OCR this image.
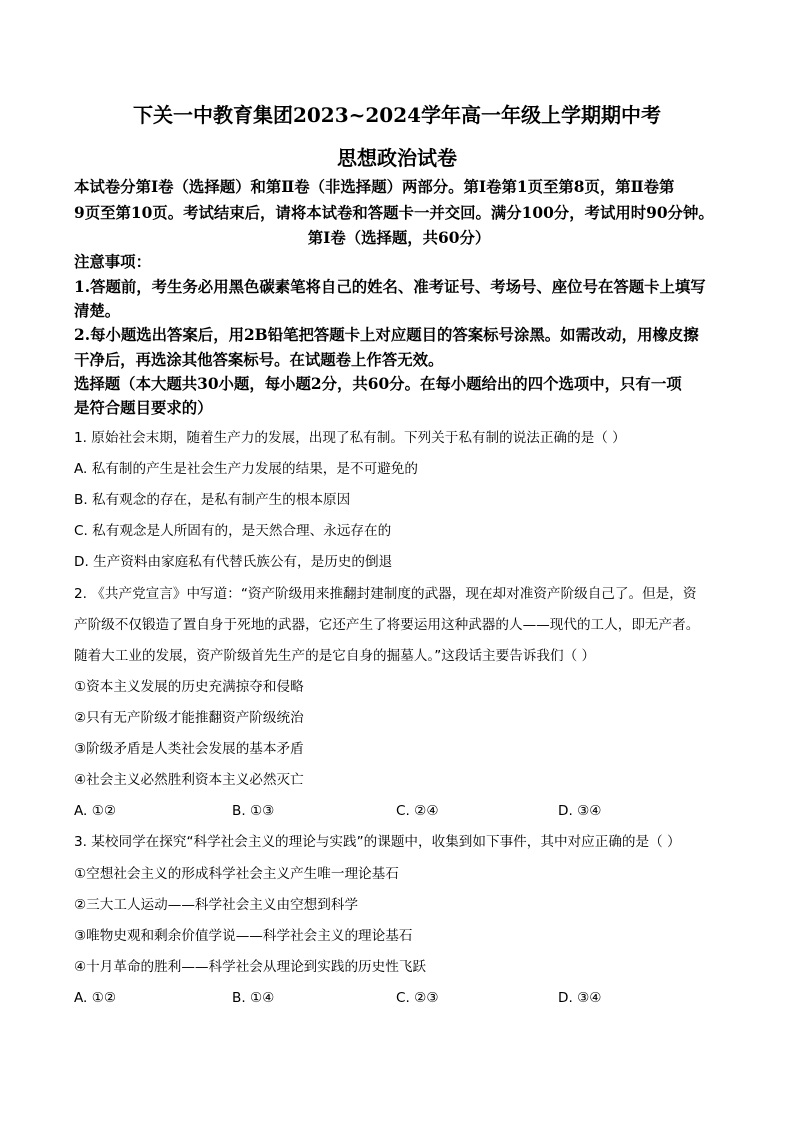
下关一中教育集团2023~2024学年高一年级上学期期中考
思想政治试卷
本试卷分第Ⅰ卷（选择题）和第Ⅱ卷（非选择题）两部分。第Ⅰ卷第1页至第8页，第Ⅱ卷第
9页至第10页。考试结束后，请将本试卷和答题卡一并交回。满分100分，考试用时90分钟。
第Ⅰ卷（选择题，共60分）
注意事项：
1.答题前，考生务必用黑色碳素笔将自己的姓名、准考证号、考场号、座位号在答题卡上填写
清楚。
2.每小题选出答案后，用2B铅笔把答题卡上对应题目的答案标号涂黑。如需改动，用橡皮擦
干净后，再选涂其他答案标号。在试题卷上作答无效。
选择题（本大题共30小题，每小题2分，共60分。在每小题给出的四个选项中，只有一项
是符合题目要求的）
1. 原始社会末期，随着生产力的发展，出现了私有制。下列关于私有制的说法正确的是（ ）
A. 私有制的产生是社会生产力发展的结果，是不可避免的
B. 私有观念的存在，是私有制产生的根本原因
C. 私有观念是人所固有的，是天然合理、永远存在的
D. 生产资料由家庭私有代替氏族公有，是历史的倒退
2. 《共产党宣言》中写道：“资产阶级用来推翻封建制度的武器，现在却对准资产阶级自己了。但是，资
产阶级不仅锻造了置自身于死地的武器，它还产生了将要运用这种武器的人——现代的工人，即无产者。
随着大工业的发展，资产阶级首先生产的是它自身的掘墓人。”这段话主要告诉我们（ ）
①资本主义发展的历史充满掠夺和侵略
②只有无产阶级才能推翻资产阶级统治
③阶级矛盾是人类社会发展的基本矛盾
④社会主义必然胜利资本主义必然灭亡
A. ①②	B. ①③	C. ②④	D. ③④
3. 某校同学在探究“科学社会主义的理论与实践”的课题中，收集到如下事件，其中对应正确的是（ ）
①空想社会主义的形成科学社会主义产生唯一理论基石
②三大工人运动——科学社会主义由空想到科学
③唯物史观和剩余价值学说——科学社会主义的理论基石
④十月革命的胜利——科学社会从理论到实践的历史性飞跃
A. ①②	B. ①④	C. ②③	D. ③④
